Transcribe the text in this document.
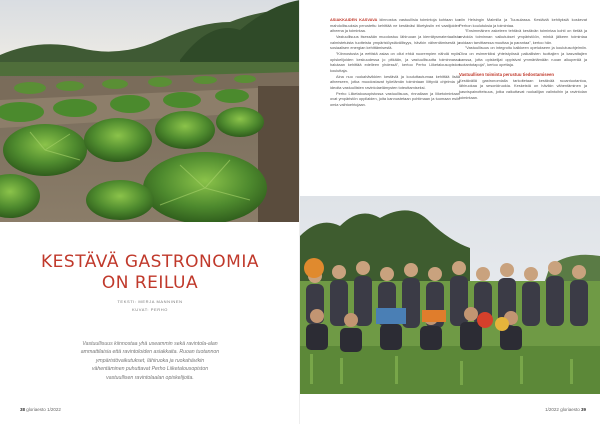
KESTÄVÄ GASTRONOMIA
ON REILUA
TEKSTI: MERJA MANNINEN
KUVAT: PERHO
Vastuullisuus kiinnostaa yhä useammin sekä ravintola-alan ammattilaisia että ravintoloiden asiakkaita. Ruoan tuotannon ympäristövaikutukset, lähiruoka ja ruokahävikin vähentäminen puhuttavat Perho Liiketalousopiston vastuullisen ravintolaalan opiskelijoita.
38 gloriaesto 1/2022

ASIAKKAIDEN KASVAVA kiinnostus vastuullisia toimintoja kohtaan luo mahdollisuuksia perustettu kehittää ne kestäväsi liiketyksiin eri vaatijoiden aiheena ja toimintaa.

Vastuullisuus itsessään muodostuu lähiruoan ja kierrätysmateriaalista valmistetuista tuotteista ympäristöystävällisyys, hävikin vähentämisestä ja sosiaalisen energian kehittämisestä.

”Kiinnostusta ja eettistä asiaa on ollut ehkä nuorempien nähdä myös opiskelijoiden keskuudessa jo pitkään, ja vastuullisuutta toiminnassa halutaan kehittää edelleen yhdessä”, kertoo Perho Liiketalousopiston kouluttaja.

Aina nuo ruokahävikkien kestäviä ja kouluttautumaa kehittää lisää aiheeseen, jotka muodostavat työelämän toimintaan liittyviä ohjelmia ja ideoita vastuullisten ravintolaelämysten toteuttamiseksi.

Perho Liiketalousopistossa vastuullisuus, rinnallaan ja liiketoimintaan ovat ympäristön oppilaiden, joita kannustetaan pohtimaan ja tuomaan esiin omia vaihtoehtojaan.

niin Helsingin Malmilla ja Tuusulassa. Kestäviä kehityksiä koskevat Perhon koulutuksia ja toimintaa.

”Ensimmäinen askeleen tehtävä kestävän toimintaa kohti on tietää ja arvioida toiminnan vaikutukset ympäristöön, minkä jälkeen toimintaa voidaan tarvittaessa muuttaa ja parantaa”, kertoo hän.

”Vastuullisuus on integroitu kaikkeen opetukseen ja koulutusohjelmiin. Oiva on esimerkiksi yhteistyössä paikallisten tuottajien ja kasvattajien kanssa, jotta opiskelijat oppisivat ymmärtämään ruoan alkuperää ja tuotantotapoja”, kertoo opettaja.

Vastuullisen toiminta perustuu tiedostamiseen

Kestävällä gastronomialla tarkoitetaan kestävää ruoantuotantoa, lähiruokaa ja sesonkiruokia. Keskeistä on hävikin vähentäminen ja kasvispainotteisuus, jotka vaikuttavat ruokailijan valintoihin ja ravintolan toimintaan.

1/2022 gloriaesto 39
